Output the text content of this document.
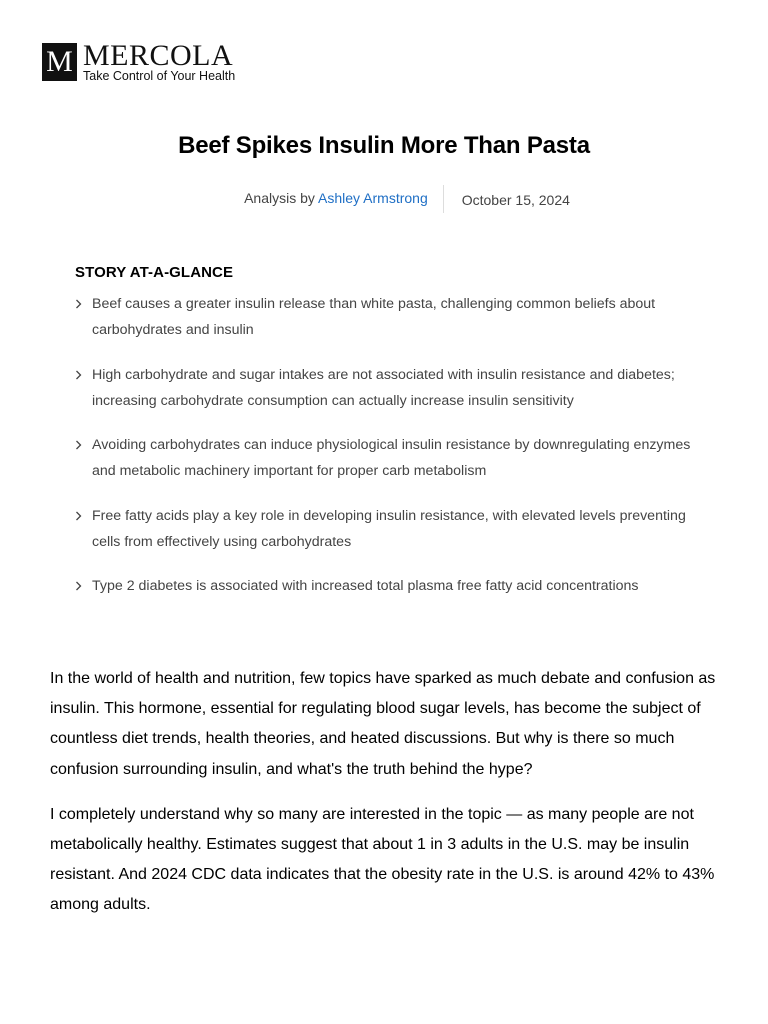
M MERCOLA
Take Control of Your Health
Beef Spikes Insulin More Than Pasta
Analysis by Ashley Armstrong	October 15, 2024
STORY AT-A-GLANCE
Beef causes a greater insulin release than white pasta, challenging common beliefs about carbohydrates and insulin
High carbohydrate and sugar intakes are not associated with insulin resistance and diabetes; increasing carbohydrate consumption can actually increase insulin sensitivity
Avoiding carbohydrates can induce physiological insulin resistance by downregulating enzymes and metabolic machinery important for proper carb metabolism
Free fatty acids play a key role in developing insulin resistance, with elevated levels preventing cells from effectively using carbohydrates
Type 2 diabetes is associated with increased total plasma free fatty acid concentrations

In the world of health and nutrition, few topics have sparked as much debate and confusion as insulin. This hormone, essential for regulating blood sugar levels, has become the subject of countless diet trends, health theories, and heated discussions. But why is there so much confusion surrounding insulin, and what's the truth behind the hype?

I completely understand why so many are interested in the topic — as many people are not metabolically healthy. Estimates suggest that about 1 in 3 adults in the U.S. may be insulin resistant. And 2024 CDC data indicates that the obesity rate in the U.S. is around 42% to 43% among adults.
